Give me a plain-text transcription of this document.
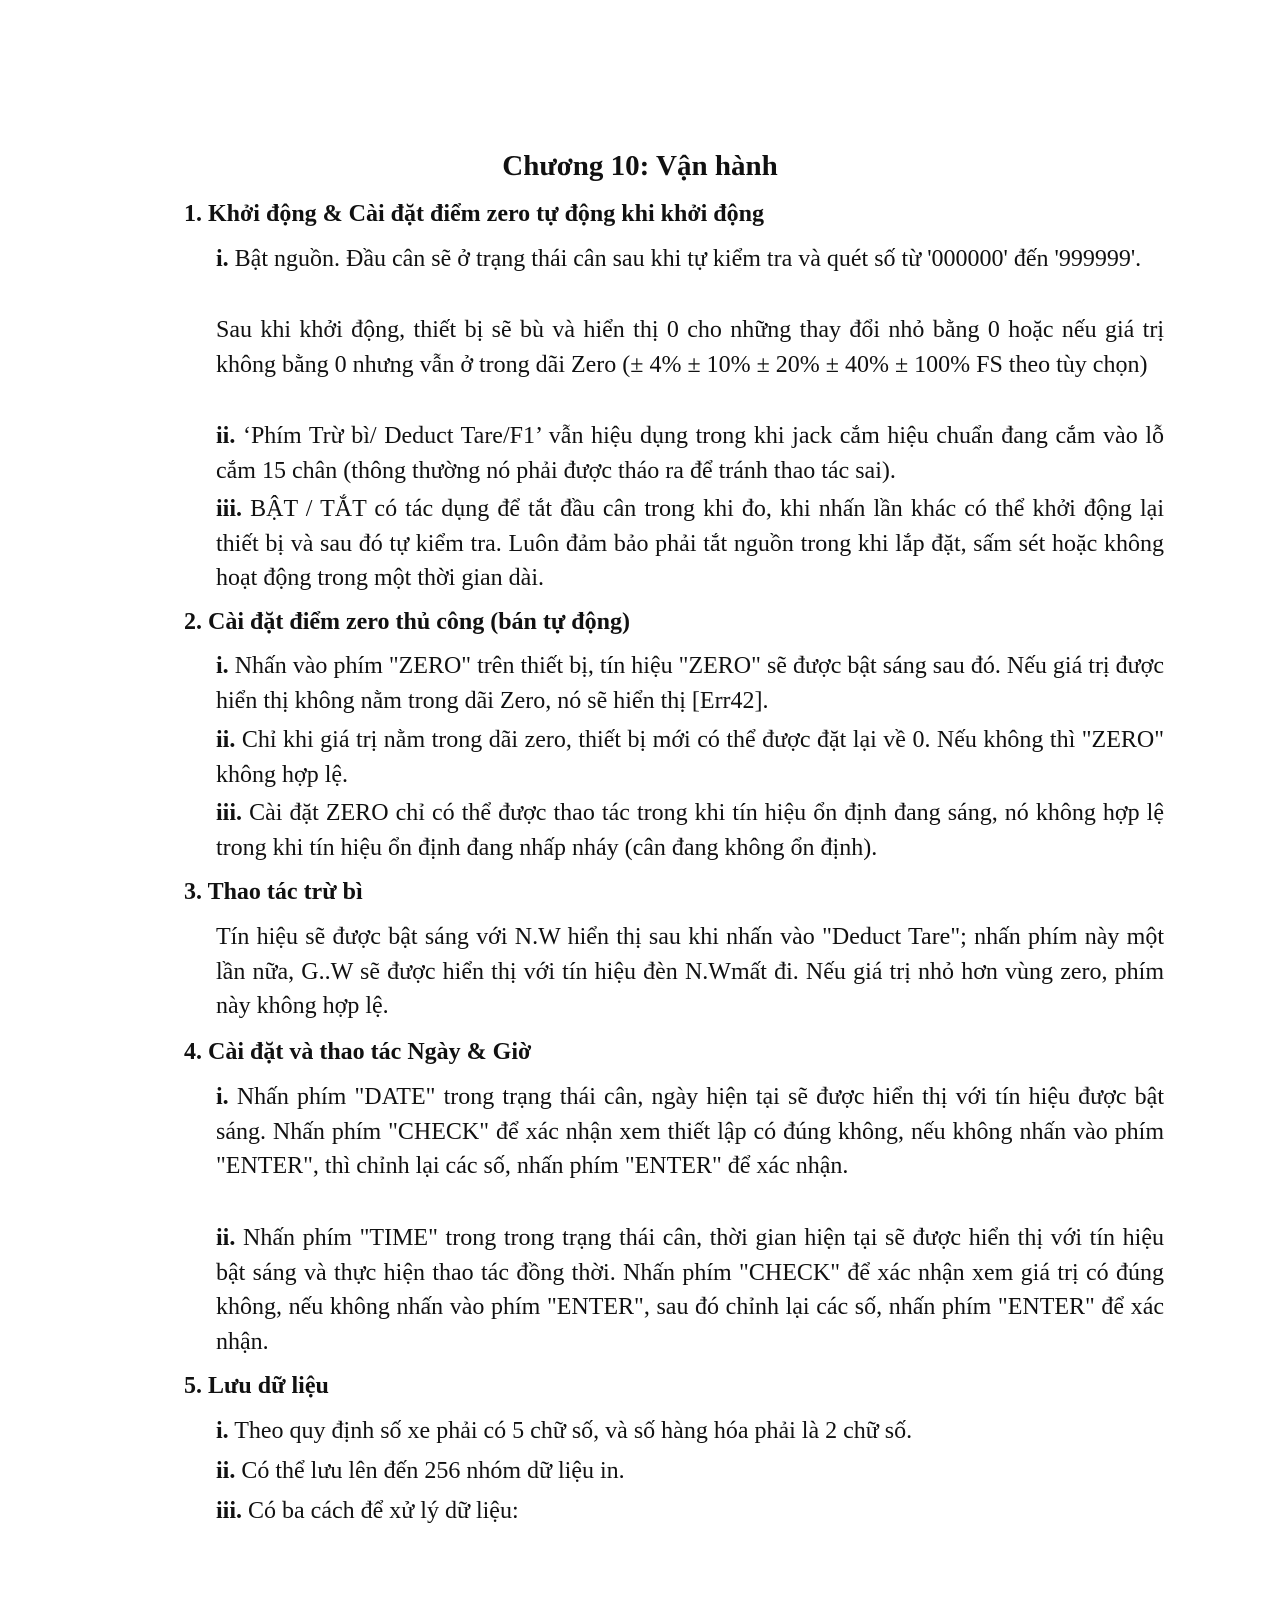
Chương 10: Vận hành
1. Khởi động & Cài đặt điểm zero tự động khi khởi động
i. Bật nguồn. Đầu cân sẽ ở trạng thái cân sau khi tự kiểm tra và quét số từ '000000' đến '999999'.
Sau khi khởi động, thiết bị sẽ bù và hiển thị 0 cho những thay đổi nhỏ bằng 0 hoặc nếu giá trị không bằng 0 nhưng vẫn ở trong dãi Zero (± 4% ± 10% ± 20% ± 40% ± 100% FS theo tùy chọn)
ii. ‘Phím Trừ bì/ Deduct Tare/F1’ vẫn hiệu dụng trong khi jack cắm hiệu chuẩn đang cắm vào lỗ cắm 15 chân (thông thường nó phải được tháo ra để tránh thao tác sai).
iii. BẬT / TẮT có tác dụng để tắt đầu cân trong khi đo, khi nhấn lần khác có thể khởi động lại thiết bị và sau đó tự kiểm tra. Luôn đảm bảo phải tắt nguồn trong khi lắp đặt, sấm sét hoặc không hoạt động trong một thời gian dài.
2. Cài đặt điểm zero thủ công (bán tự động)
i. Nhấn vào phím "ZERO" trên thiết bị, tín hiệu "ZERO" sẽ được bật sáng sau đó. Nếu giá trị được hiển thị không nằm trong dãi Zero, nó sẽ hiển thị [Err42].
ii. Chỉ khi giá trị nằm trong dãi zero, thiết bị mới có thể được đặt lại về 0. Nếu không thì "ZERO" không hợp lệ.
iii. Cài đặt ZERO chỉ có thể được thao tác trong khi tín hiệu ổn định đang sáng, nó không hợp lệ trong khi tín hiệu ổn định đang nhấp nháy (cân đang không ổn định).
3. Thao tác trừ bì
Tín hiệu sẽ được bật sáng với N.W hiển thị sau khi nhấn vào "Deduct Tare"; nhấn phím này một lần nữa, G..W sẽ được hiển thị với tín hiệu đèn N.Wmất đi. Nếu giá trị nhỏ hơn vùng zero, phím này không hợp lệ.
4. Cài đặt và thao tác Ngày & Giờ
i. Nhấn phím "DATE" trong trạng thái cân, ngày hiện tại sẽ được hiển thị với tín hiệu được bật sáng. Nhấn phím "CHECK" để xác nhận xem thiết lập có đúng không, nếu không nhấn vào phím "ENTER", thì chỉnh lại các số, nhấn phím "ENTER" để xác nhận.
ii. Nhấn phím "TIME" trong trong trạng thái cân, thời gian hiện tại sẽ được hiển thị với tín hiệu bật sáng và thực hiện thao tác đồng thời. Nhấn phím "CHECK" để xác nhận xem giá trị có đúng không, nếu không nhấn vào phím "ENTER", sau đó chỉnh lại các số, nhấn phím "ENTER" để xác nhận.
5. Lưu dữ liệu
i. Theo quy định số xe phải có 5 chữ số, và số hàng hóa phải là 2 chữ số.
ii. Có thể lưu lên đến 256 nhóm dữ liệu in.
iii. Có ba cách để xử lý dữ liệu:
